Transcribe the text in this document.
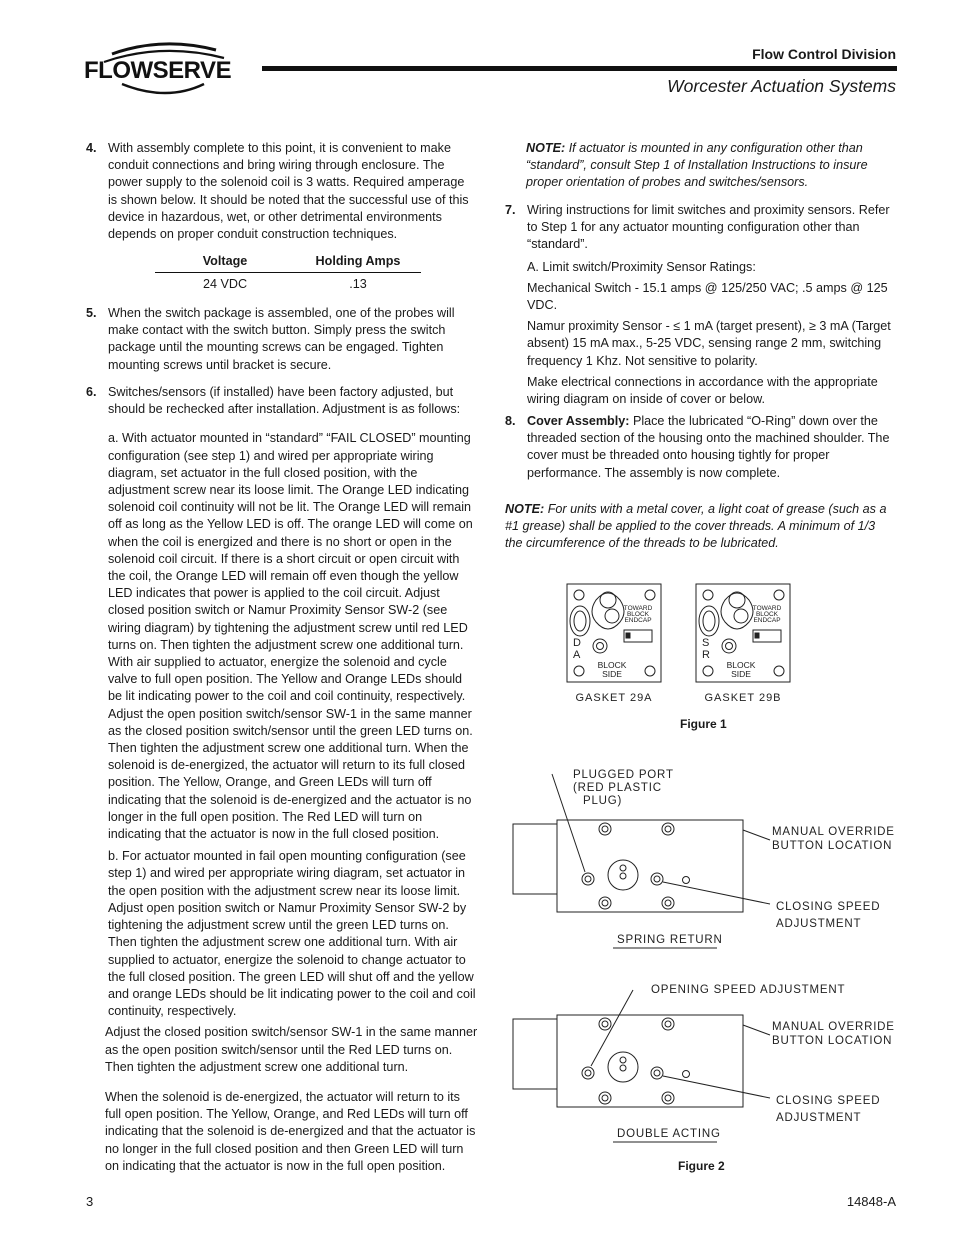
FLOWSERVE
Flow Control Division
Worcester Actuation Systems
4. With assembly complete to this point, it is convenient to make conduit connections and bring wiring through enclosure. The power supply to the solenoid coil is 3 watts. Required amperage is shown below. It should be noted that the successful use of this device in hazardous, wet, or other detrimental environments depends on proper conduit construction techniques.

Voltage	Holding Amps
24 VDC	.13
5. When the switch package is assembled, one of the probes will make contact with the switch button. Simply press the switch package until the mounting screws can be engaged. Tighten mounting screws until bracket is secure.

6. Switches/sensors (if installed) have been factory adjusted, but should be rechecked after installation. Adjustment is as follows:

a. With actuator mounted in “standard” “FAIL CLOSED” mounting configuration (see step 1) and wired per appropriate wiring diagram, set actuator in the full closed position, with the adjustment screw near its loose limit. The Orange LED indicating solenoid coil continuity will not be lit. The Orange LED will remain off as long as the Yellow LED is off. The orange LED will come on when the coil is energized and there is no short or open in the solenoid coil circuit. If there is a short circuit or open circuit with the coil, the Orange LED will remain off even though the yellow LED indicates that power is applied to the coil circuit. Adjust closed position switch or Namur Proximity Sensor SW-2 (see wiring diagram) by tightening the adjustment screw until red LED turns on. Then tighten the adjustment screw one additional turn. With air supplied to actuator, energize the solenoid and cycle valve to full open position. The Yellow and Orange LEDs should be lit indicating power to the coil and coil continuity, respectively. Adjust the open position switch/sensor SW-1 in the same manner as the closed position switch/sensor until the green LED turns on. Then tighten the adjustment screw one additional turn. When the solenoid is de-energized, the actuator will return to its full closed position. The Yellow, Orange, and Green LEDs will turn off indicating that the solenoid is de-energized and the actuator is no longer in the full open position. The Red LED will turn on indicating that the actuator is now in the full closed position.

b. For actuator mounted in fail open mounting configuration (see step 1) and wired per appropriate wiring diagram, set actuator in the open position with the adjustment screw near its loose limit. Adjust open position switch or Namur Proximity Sensor SW-2 by tightening the adjustment screw until the green LED turns on. Then tighten the adjustment screw one additional turn. With air supplied to actuator, energize the solenoid to change actuator to the full closed position. The green LED will shut off and the yellow and orange LEDs should be lit indicating power to the coil and coil continuity, respectively.

Adjust the closed position switch/sensor SW-1 in the same manner as the open position switch/sensor until the Red LED turns on. Then tighten the adjustment screw one additional turn.

When the solenoid is de-energized, the actuator will return to its full open position. The Yellow, Orange, and Red LEDs will turn off indicating that the solenoid is de-energized and that the actuator is no longer in the full closed position and then Green LED will turn on indicating that the actuator is now in the full open position.

NOTE: If actuator is mounted in any configuration other than “standard”, consult Step 1 of Installation Instructions to insure proper orientation of probes and switches/sensors.

7. Wiring instructions for limit switches and proximity sensors. Refer to Step 1 for any actuator mounting configuration other than “standard”.

A. Limit switch/Proximity Sensor Ratings:

Mechanical Switch - 15.1 amps @ 125/250 VAC; .5 amps @ 125 VDC.

Namur proximity Sensor - ≤ 1 mA (target present), ≥ 3 mA (Target absent) 15 mA max., 5-25 VDC, sensing range 2 mm, switching frequency 1 Khz. Not sensitive to polarity.

Make electrical connections in accordance with the appropriate wiring diagram on inside of cover or below.

8. Cover Assembly: Place the lubricated “O-Ring” down over the threaded section of the housing onto the machined shoulder. The cover must be threaded onto housing tightly for proper performance. The assembly is now complete.

NOTE: For units with a metal cover, a light coat of grease (such as a #1 grease) shall be applied to the cover threads. A minimum of 1/3 the circumference of the threads to be lubricated.

TOWARD
BLOCK
ENDCAP
D
A
BLOCK
SIDE
GASKET 29A
TOWARD
BLOCK
ENDCAP
S
R
BLOCK
SIDE
GASKET 29B
Figure 1
PLUGGED PORT
(RED PLASTIC
PLUG)
MANUAL OVERRIDE
BUTTON LOCATION
CLOSING SPEED
ADJUSTMENT
SPRING RETURN
OPENING SPEED ADJUSTMENT
MANUAL OVERRIDE
BUTTON LOCATION
CLOSING SPEED
ADJUSTMENT
DOUBLE ACTING
Figure 2
3	14848-A
